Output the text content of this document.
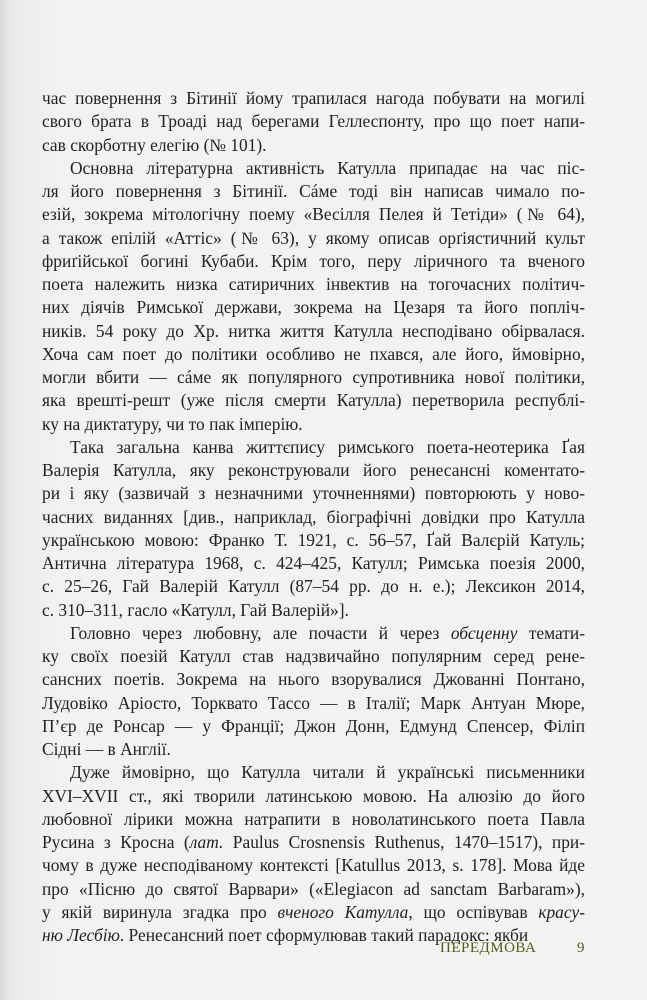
час повернення з Бітинії йому трапилася нагода побувати на могилі
свого брата в Троаді над берегами Геллеспонту, про що поет напи-
сав скорботну елегію (№ 101).
Основна літературна активність Катулла припадає на час піс-
ля його повернення з Бітинії. Cáме тоді він написав чимало по-
езій, зокрема мітологічну поему «Весілля Пелея й Тетіди» (№ 64),
а також епілій «Аттіс» (№ 63), у якому описав орґіястичний культ
фриґійської богині Кубаби. Крім того, перу ліричного та вченого
поета належить низка сатиричних інвектив на тогочасних політич-
них діячів Римської держави, зокрема на Цезаря та його поплiч-
ників. 54 року до Хр. нитка життя Катулла несподівано обірвалася.
Хоча сам поет до політики особливо не пхався, але його, ймовірно,
могли вбити — cáме як популярного супротивника нової політики,
яка врешті-решт (уже після смерти Катулла) перетворила республі-
ку на диктатуру, чи то пак імперію.
Така загальна канва життєпису римського поета-неотерика Ґая
Валерія Катулла, яку реконструювали його ренесансні коментато-
ри і яку (зазвичай з незначними уточненнями) повторюють у ново-
часних виданнях [див., наприклад, біографічні довідки про Катулла
українською мовою: Франко Т. 1921, с. 56–57, Ґай Валєрій Катуль;
Антична література 1968, с. 424–425, Катулл; Римська поезія 2000,
с. 25–26, Гай Валерій Катулл (87–54 рр. до н. е.); Лексикон 2014,
с. 310–311, гасло «Катулл, Гай Валерій»].
Головно через любовну, але почасти й через обсценну темати-
ку своїх поезій Катулл став надзвичайно популярним серед рене-
сансних поетів. Зокрема на нього взорувалися Джованні Понтано,
Лудовіко Аріосто, Торквато Тассо — в Італії; Марк Антуан Мюре,
П’єр де Ронсар — у Франції; Джон Донн, Едмунд Спенсер, Філіп
Сідні — в Англії.
Дуже ймовірно, що Катулла читали й українські письменники
XVI–XVII ст., які творили латинською мовою. На алюзію до його
любовної лірики можна натрапити в новолатинського поета Павла
Русина з Кросна (лат. Paulus Crosnensis Ruthenus, 1470–1517), при-
чому в дуже несподіваному контексті [Katullus 2013, s. 178]. Мова йде
про «Пісню до святої Варвари» («Elegiacon ad sanctam Barbaram»),
у якій виринула згадка про вченого Катулла, що оспівував красу-
ню Лесбію. Ренесансний поет сформулював такий парадокс: якби
ПЕРЕДМОВА	9
